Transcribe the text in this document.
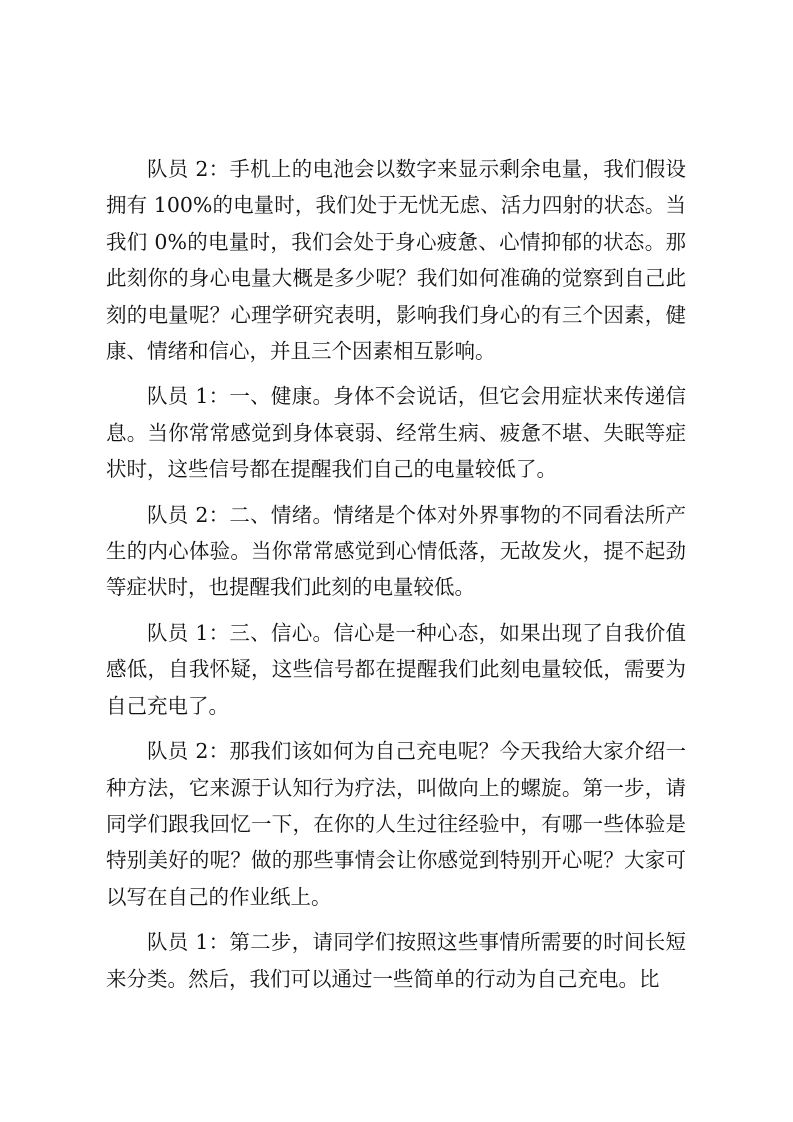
队员 2：手机上的电池会以数字来显示剩余电量，我们假设拥有 100%的电量时，我们处于无忧无虑、活力四射的状态。当我们 0%的电量时，我们会处于身心疲惫、心情抑郁的状态。那此刻你的身心电量大概是多少呢？我们如何准确的觉察到自己此刻的电量呢？心理学研究表明，影响我们身心的有三个因素，健康、情绪和信心，并且三个因素相互影响。

队员 1：一、健康。身体不会说话，但它会用症状来传递信息。当你常常感觉到身体衰弱、经常生病、疲惫不堪、失眠等症状时，这些信号都在提醒我们自己的电量较低了。

队员 2：二、情绪。情绪是个体对外界事物的不同看法所产生的内心体验。当你常常感觉到心情低落，无故发火，提不起劲等症状时，也提醒我们此刻的电量较低。

队员 1：三、信心。信心是一种心态，如果出现了自我价值感低，自我怀疑，这些信号都在提醒我们此刻电量较低，需要为自己充电了。

队员 2：那我们该如何为自己充电呢？今天我给大家介绍一种方法，它来源于认知行为疗法，叫做向上的螺旋。第一步，请同学们跟我回忆一下，在你的人生过往经验中，有哪一些体验是特别美好的呢？做的那些事情会让你感觉到特别开心呢？大家可以写在自己的作业纸上。

队员 1：第二步，请同学们按照这些事情所需要的时间长短来分类。然后，我们可以通过一些简单的行动为自己充电。比
